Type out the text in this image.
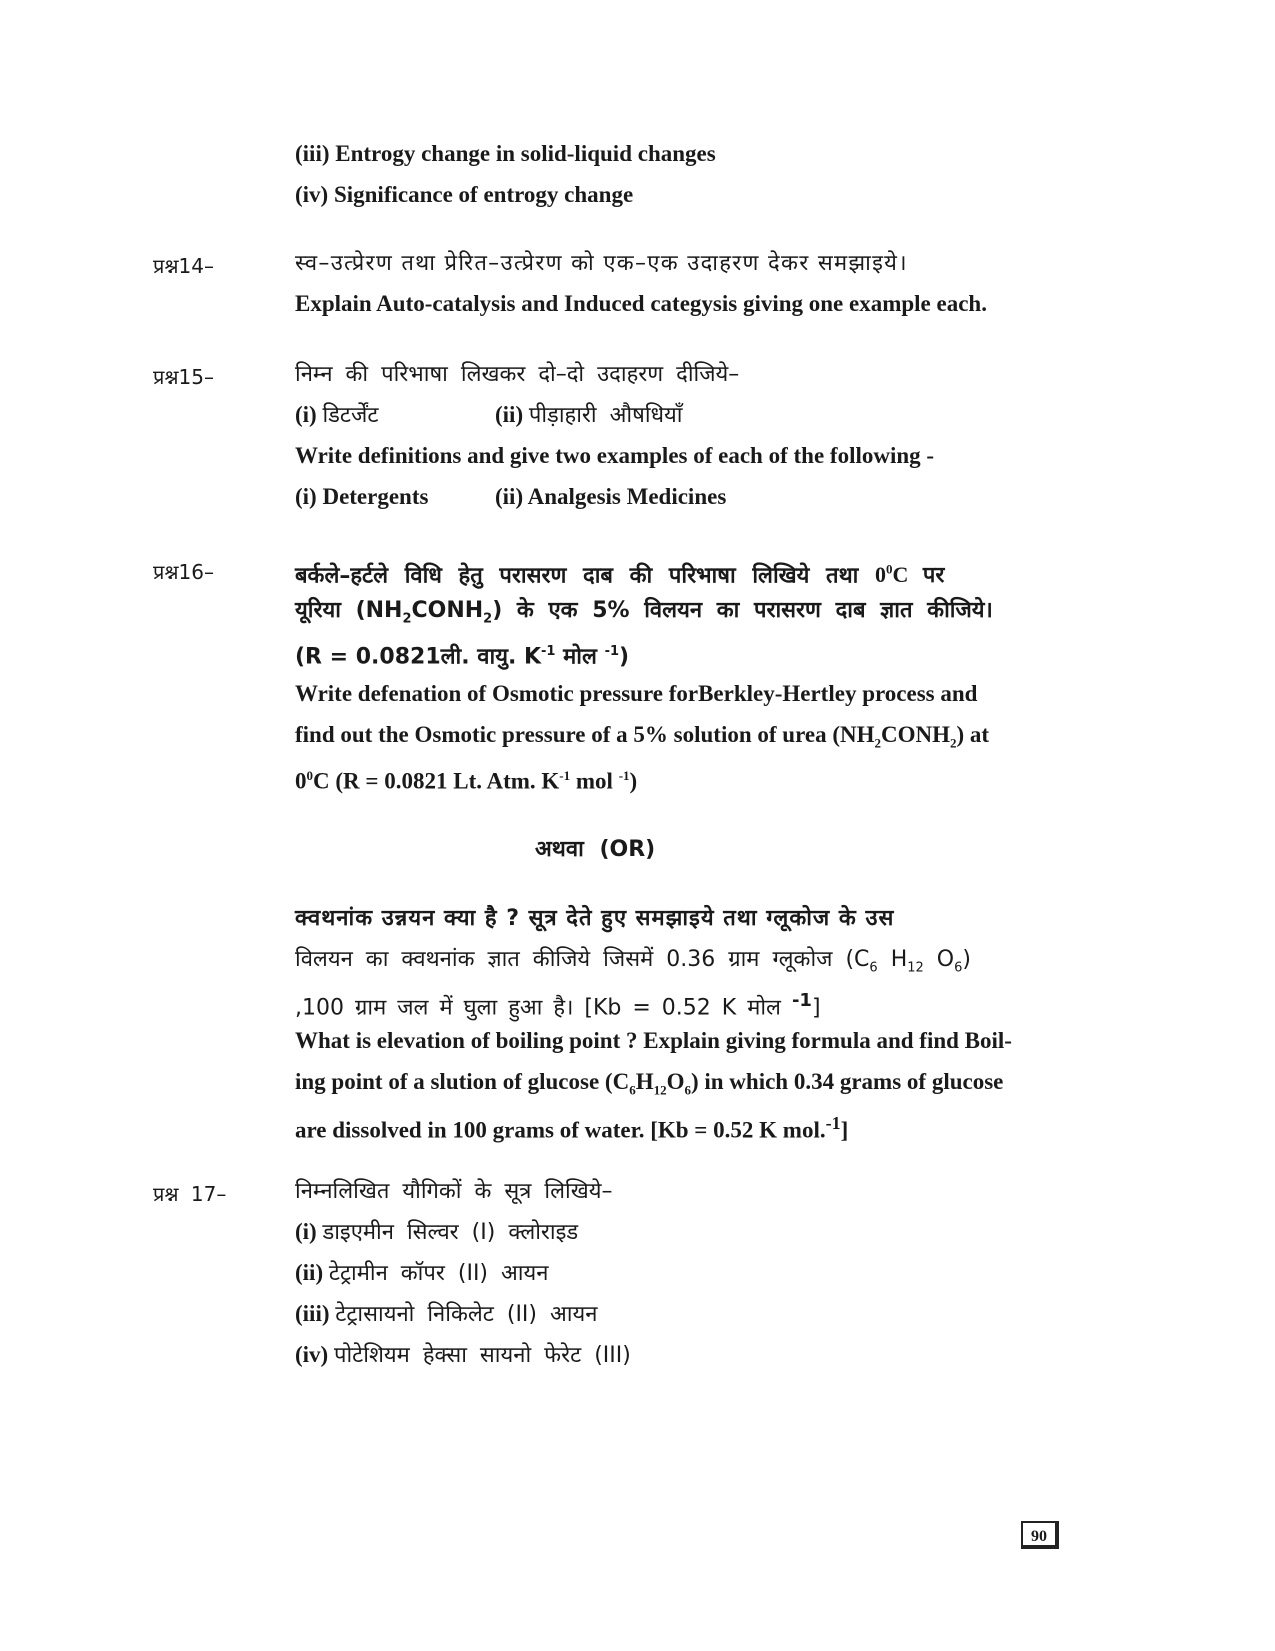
(iii) Entrogy change in solid-liquid changes
(iv) Significance of entrogy change
प्रश्न14–	स्व–उत्प्रेरण तथा प्रेरित–उत्प्रेरण को एक–एक उदाहरण देकर समझाइये।
Explain Auto-catalysis and Induced categysis giving one example each.
प्रश्न15–	निम्न की परिभाषा लिखकर दो–दो उदाहरण दीजिये–
(i) डिटर्जेंट	(ii) पीड़ाहारी औषधियाँ
Write definitions and give two examples of each of the following -
(i) Detergents	(ii) Analgesis Medicines
प्रश्न16–	बर्कले–हर्टले विधि हेतु परासरण दाब की परिभाषा लिखिये तथा $0^0C$ पर
यूरिया $(NH_2CONH_2)$ के एक 5% विलयन का परासरण दाब ज्ञात कीजिये।
(R = 0.0821ली. वायु. $K^{-1}$ मोल $^{-1}$)
Write defenation of Osmotic pressure forBerkley-Hertley process and
find out the Osmotic pressure of a 5% solution of urea $(NH_2CONH_2)$ at
$0^0C$ (R = 0.0821 Lt. Atm. $K^{-1}$ mol $^{-1}$)
अथवा (OR)
क्वथनांक उन्नयन क्या है ? सूत्र देते हुए समझाइये तथा ग्लूकोज के उस
विलयन का क्वथनांक ज्ञात कीजिये जिसमें 0.36 ग्राम ग्लूकोज ($C_6$ $H_{12}$ $O_6$)
,100 ग्राम जल में घुला हुआ है। [Kb = 0.52 K मोल $^{-1}$]
What is elevation of boiling point ? Explain giving formula and find Boil-
ing point of a slution of glucose $(C_6H_{12}O_6)$ in which 0.34 grams of glucose
are dissolved in 100 grams of water. [Kb = 0.52 K mol.$^{-1}$]
प्रश्न 17–	निम्नलिखित यौगिकों के सूत्र लिखिये–
(i) डाइएमीन सिल्वर (I) क्लोराइड
(ii) टेट्रामीन कॉपर (II) आयन
(iii) टेट्रासायनो निकिलेट (II) आयन
(iv) पोटेशियम हेक्सा सायनो फेरेट (III)
90
